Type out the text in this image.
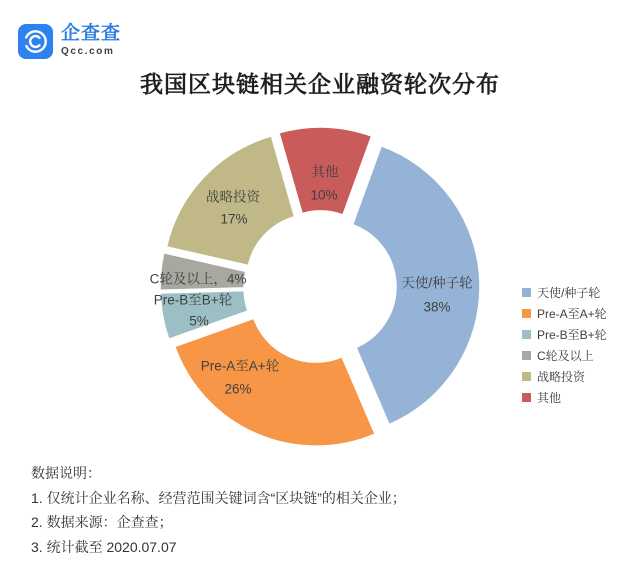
企查查
Qcc.com
我国区块链相关企业融资轮次分布
天使/种子轮
38%
Pre-A至A+轮
26%
Pre-B至B+轮
5%
C轮及以上，4%
战略投资
17%
其他
10%
天使/种子轮
Pre-A至A+轮
Pre-B至B+轮
C轮及以上
战略投资
其他
数据说明：
1. 仅统计企业名称、经营范围关键词含“区块链”的相关企业；
2. 数据来源：企查查；
3. 统计截至 2020.07.07
